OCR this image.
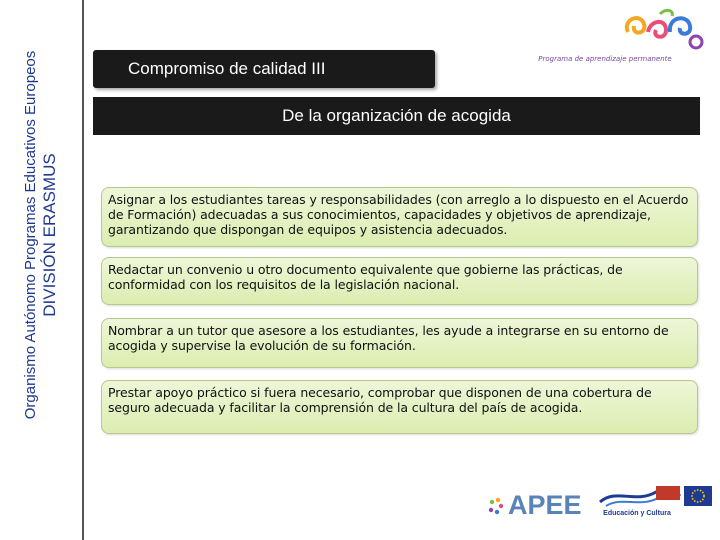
Organismo Autónomo Programas Educativos Europeos DIVISIÓN ERASMUS
Programa de aprendizaje permanente
Compromiso de calidad III
De la organización de acogida
Asignar a los estudiantes tareas y responsabilidades (con arreglo a lo dispuesto en el Acuerdo de Formación) adecuadas a sus conocimientos, capacidades y objetivos de aprendizaje, garantizando que dispongan de equipos y asistencia adecuados.
Redactar un convenio u otro documento equivalente que gobierne las prácticas, de conformidad con los requisitos de la legislación nacional.
Nombrar a un tutor que asesore a los estudiantes, les ayude a integrarse en su entorno de acogida y supervise la evolución de su formación.
Prestar apoyo práctico si fuera necesario, comprobar que disponen de una cobertura de seguro adecuada y facilitar la comprensión de la cultura del país de acogida.
APEE	Educación y Cultura
